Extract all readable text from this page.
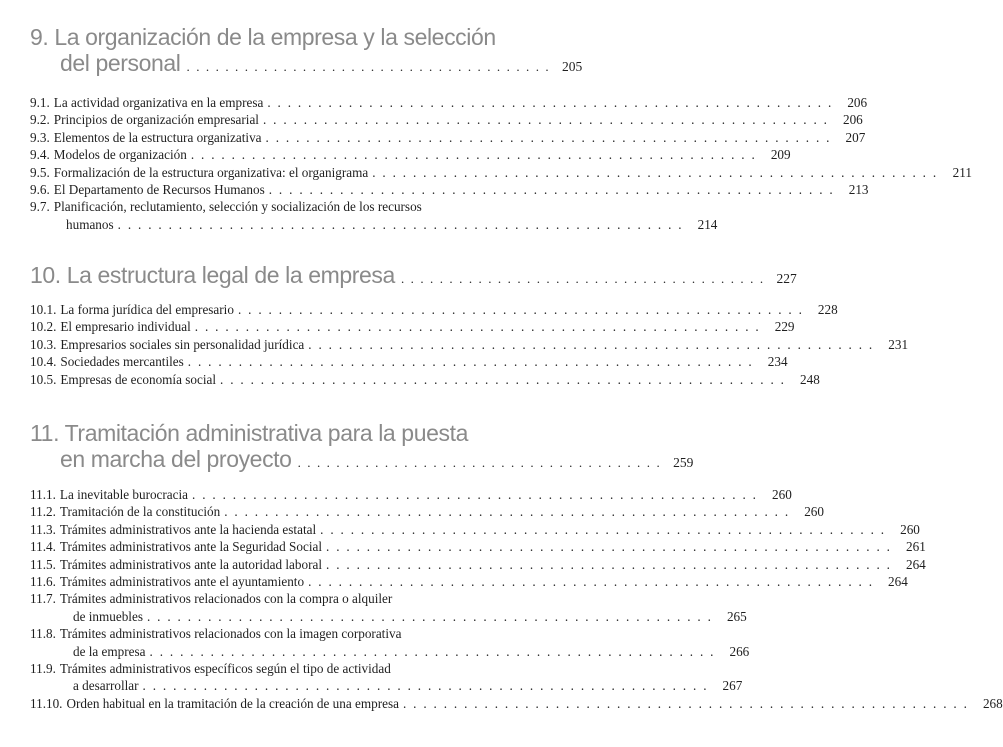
9. La organización de la empresa y la selección
del personal . . . . . . . . . . . . . . . . . . . . . . . . . . . . . . . . . . . . . . 205
9.1. La actividad organizativa en la empresa . . . . . . . . . . . . . . . . . . . . . . . . . . . . . . . . . . . . . . . . . . . . . . . . . . . . . . . .	206
9.2. Principios de organización empresarial . . . . . . . . . . . . . . . . . . . . . . . . . . . . . . . . . . . . . . . . . . . . . . . . . . . . . . . .	206
9.3. Elementos de la estructura organizativa . . . . . . . . . . . . . . . . . . . . . . . . . . . . . . . . . . . . . . . . . . . . . . . . . . . . . . . .	207
9.4. Modelos de organización . . . . . . . . . . . . . . . . . . . . . . . . . . . . . . . . . . . . . . . . . . . . . . . . . . . . . . . .	209
9.5. Formalización de la estructura organizativa: el organigrama . . . . . . . . . . . . . . . . . . . . . . . . . . . . . . . . . . . . . . . . . . . . . . . . . . . . . . . .	211
9.6. El Departamento de Recursos Humanos . . . . . . . . . . . . . . . . . . . . . . . . . . . . . . . . . . . . . . . . . . . . . . . . . . . . . . . .	213
9.7. Planificación, reclutamiento, selección y socialización de los recursos
humanos . . . . . . . . . . . . . . . . . . . . . . . . . . . . . . . . . . . . . . . . . . . . . . . . . . . . . . . .	214
10. La estructura legal de la empresa . . . . . . . . . . . . . . . . . . . . . . . . . . . . . . . . . . . . . . 227
10.1. La forma jurídica del empresario . . . . . . . . . . . . . . . . . . . . . . . . . . . . . . . . . . . . . . . . . . . . . . . . . . . . . . . .	228
10.2. El empresario individual . . . . . . . . . . . . . . . . . . . . . . . . . . . . . . . . . . . . . . . . . . . . . . . . . . . . . . . .	229
10.3. Empresarios sociales sin personalidad jurídica . . . . . . . . . . . . . . . . . . . . . . . . . . . . . . . . . . . . . . . . . . . . . . . . . . . . . . . .	231
10.4. Sociedades mercantiles . . . . . . . . . . . . . . . . . . . . . . . . . . . . . . . . . . . . . . . . . . . . . . . . . . . . . . . .	234
10.5. Empresas de economía social . . . . . . . . . . . . . . . . . . . . . . . . . . . . . . . . . . . . . . . . . . . . . . . . . . . . . . . .	248
11. Tramitación administrativa para la puesta
en marcha del proyecto . . . . . . . . . . . . . . . . . . . . . . . . . . . . . . . . . . . . . . 259
11.1. La inevitable burocracia . . . . . . . . . . . . . . . . . . . . . . . . . . . . . . . . . . . . . . . . . . . . . . . . . . . . . . . .	260
11.2. Tramitación de la constitución . . . . . . . . . . . . . . . . . . . . . . . . . . . . . . . . . . . . . . . . . . . . . . . . . . . . . . . .	260
11.3. Trámites administrativos ante la hacienda estatal . . . . . . . . . . . . . . . . . . . . . . . . . . . . . . . . . . . . . . . . . . . . . . . . . . . . . . . .	260
11.4. Trámites administrativos ante la Seguridad Social . . . . . . . . . . . . . . . . . . . . . . . . . . . . . . . . . . . . . . . . . . . . . . . . . . . . . . . .	261
11.5. Trámites administrativos ante la autoridad laboral . . . . . . . . . . . . . . . . . . . . . . . . . . . . . . . . . . . . . . . . . . . . . . . . . . . . . . . .	264
11.6. Trámites administrativos ante el ayuntamiento . . . . . . . . . . . . . . . . . . . . . . . . . . . . . . . . . . . . . . . . . . . . . . . . . . . . . . . .	264
11.7. Trámites administrativos relacionados con la compra o alquiler
de inmuebles . . . . . . . . . . . . . . . . . . . . . . . . . . . . . . . . . . . . . . . . . . . . . . . . . . . . . . . .	265
11.8. Trámites administrativos relacionados con la imagen corporativa
de la empresa . . . . . . . . . . . . . . . . . . . . . . . . . . . . . . . . . . . . . . . . . . . . . . . . . . . . . . . .	266
11.9. Trámites administrativos específicos según el tipo de actividad
a desarrollar . . . . . . . . . . . . . . . . . . . . . . . . . . . . . . . . . . . . . . . . . . . . . . . . . . . . . . . .	267
11.10. Orden habitual en la tramitación de la creación de una empresa . . . . . . . . . . . . . . . . . . . . . . . . . . . . . . . . . . . . . . . . . . . . . . . . . . . . . . . .	268
